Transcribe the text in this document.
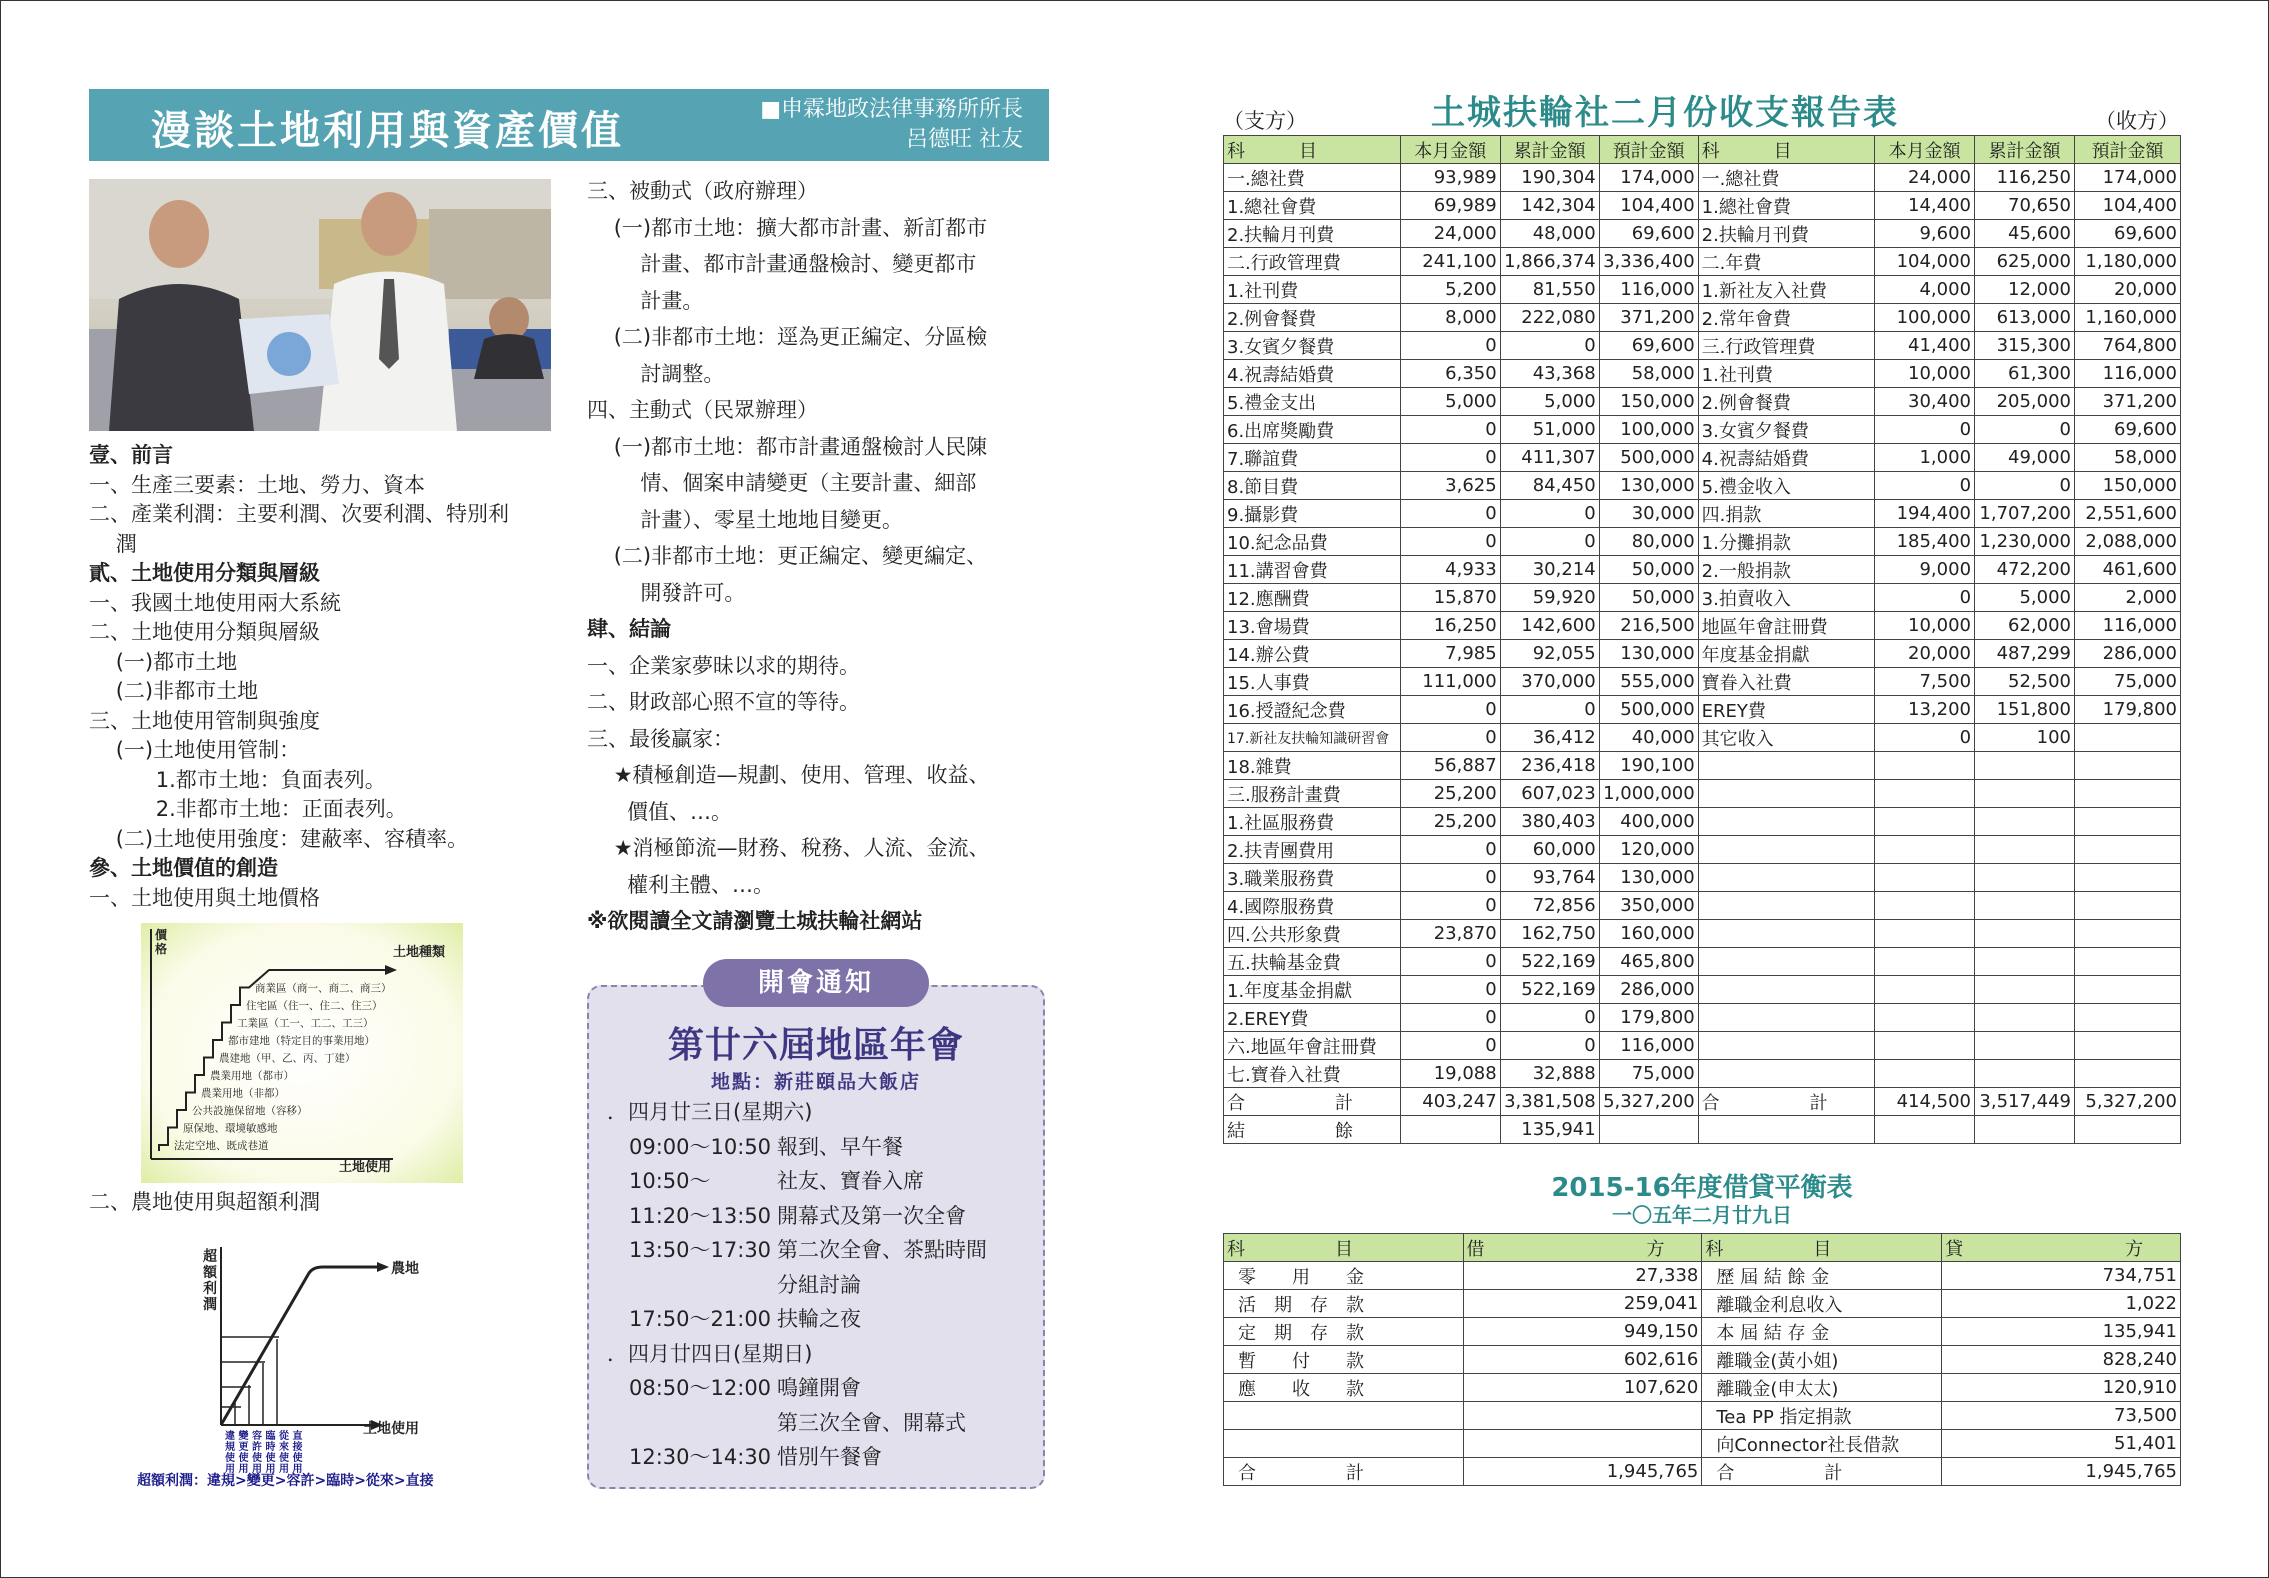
漫談土地利用與資產價值	■申霖地政法律事務所所長
呂德旺 社友
壹、前言
一、生產三要素：土地、勞力、資本
二、產業利潤：主要利潤、次要利潤、特別利
潤
貳、土地使用分類與層級
一、我國土地使用兩大系統
二、土地使用分類與層級
(一)都市土地
(二)非都市土地
三、土地使用管制與強度
(一)土地使用管制：
1.都市土地：負面表列。
2.非都市土地：正面表列。
(二)土地使用強度：建蔽率、容積率。
參、土地價值的創造
一、土地使用與土地價格
價
格
土地使用
土地種類
法定空地、既成巷道
原保地、環境敏感地
公共設施保留地（容移）
農業用地（非都）
農業用地（都市）
農建地（甲、乙、丙、丁建）
都市建地（特定目的事業用地）
工業區（工一、工二、工三）
住宅區（住一、住二、住三）
商業區（商一、商二、商三）
二、農地使用與超額利潤
農地
土地使用
超
額
利
潤
違
規
使
用
變
更
使
用
容
許
使
用
臨
時
使
用
從
來
使
用
直
接
使
用
超額利潤：違規>變更>容許>臨時>從來>直接
三、被動式（政府辦理）
(一)都市土地：擴大都市計畫、新訂都市
計畫、都市計畫通盤檢討、變更都市
計畫。
(二)非都市土地：逕為更正編定、分區檢
討調整。
四、主動式（民眾辦理）
(一)都市土地：都市計畫通盤檢討人民陳
情、個案申請變更（主要計畫、細部
計畫）、零星土地地目變更。
(二)非都市土地：更正編定、變更編定、
開發許可。
肆、結論
一、企業家夢昧以求的期待。
二、財政部心照不宣的等待。
三、最後贏家：
★積極創造—規劃、使用、管理、收益、
價值、…。
★消極節流—財務、稅務、人流、金流、
權利主體、…。
※欲閱讀全文請瀏覽土城扶輪社網站
開會通知
第廿六屆地區年會
地點：新莊頤品大飯店
．四月廿三日(星期六)
09:00～10:50 報到、早午餐
10:50～	社友、寶眷入席
11:20～13:50 開幕式及第一次全會
13:50～17:30 第二次全會、茶點時間
分組討論
17:50～21:00 扶輪之夜
．四月廿四日(星期日)
08:50～12:00 鳴鐘開會
第三次全會、開幕式
12:30～14:30 惜別午餐會
（支方）	（收方）
土城扶輪社二月份收支報告表
科　　　目	本月金額	累計金額	預計金額	科　　　目	本月金額	累計金額	預計金額
一.總社費	93,989	190,304	174,000	一.總社費	24,000	116,250	174,000
1.總社會費	69,989	142,304	104,400	1.總社會費	14,400	70,650	104,400
2.扶輪月刊費	24,000	48,000	69,600	2.扶輪月刊費	9,600	45,600	69,600
二.行政管理費	241,100	1,866,374	3,336,400	二.年費	104,000	625,000	1,180,000
1.社刊費	5,200	81,550	116,000	1.新社友入社費	4,000	12,000	20,000
2.例會餐費	8,000	222,080	371,200	2.常年會費	100,000	613,000	1,160,000
3.女賓夕餐費	0	0	69,600	三.行政管理費	41,400	315,300	764,800
4.祝壽結婚費	6,350	43,368	58,000	1.社刊費	10,000	61,300	116,000
5.禮金支出	5,000	5,000	150,000	2.例會餐費	30,400	205,000	371,200
6.出席獎勵費	0	51,000	100,000	3.女賓夕餐費	0	0	69,600
7.聯誼費	0	411,307	500,000	4.祝壽結婚費	1,000	49,000	58,000
8.節目費	3,625	84,450	130,000	5.禮金收入	0	0	150,000
9.攝影費	0	0	30,000	四.捐款	194,400	1,707,200	2,551,600
10.紀念品費	0	0	80,000	1.分攤捐款	185,400	1,230,000	2,088,000
11.講習會費	4,933	30,214	50,000	2.一般捐款	9,000	472,200	461,600
12.應酬費	15,870	59,920	50,000	3.拍賣收入	0	5,000	2,000
13.會場費	16,250	142,600	216,500	地區年會註冊費	10,000	62,000	116,000
14.辦公費	7,985	92,055	130,000	年度基金捐獻	20,000	487,299	286,000
15.人事費	111,000	370,000	555,000	寶眷入社費	7,500	52,500	75,000
16.授證紀念費	0	0	500,000	EREY費	13,200	151,800	179,800
17.新社友扶輪知識研習會	0	36,412	40,000	其它收入	0	100	
18.雜費	56,887	236,418	190,100				
三.服務計畫費	25,200	607,023	1,000,000				
1.社區服務費	25,200	380,403	400,000				
2.扶青團費用	0	60,000	120,000				
3.職業服務費	0	93,764	130,000				
4.國際服務費	0	72,856	350,000				
四.公共形象費	23,870	162,750	160,000				
五.扶輪基金費	0	522,169	465,800				
1.年度基金捐獻	0	522,169	286,000				
2.EREY費	0	0	179,800				
六.地區年會註冊費	0	0	116,000				
七.寶眷入社費	19,088	32,888	75,000				
合　　　　　計	403,247	3,381,508	5,327,200	合　　　　　計	414,500	3,517,449	5,327,200
結　　　　　餘		135,941					
2015-16年度借貸平衡表
一〇五年二月廿九日
科　　　　　目	借　　　　　　　　　方	科　　　　　目	貸　　　　　　　　　方
零　　用　　金	27,338	歷 屆 結 餘 金	734,751
活　期　存　款	259,041	離職金利息收入	1,022
定　期　存　款	949,150	本 屆 結 存 金	135,941
暫　　付　　款	602,616	離職金(黃小姐)	828,240
應　　收　　款	107,620	離職金(申太太)	120,910
		Tea PP 指定捐款	73,500
		向Connector社長借款	51,401
合　　　　　計	1,945,765	合　　　　　計	1,945,765
